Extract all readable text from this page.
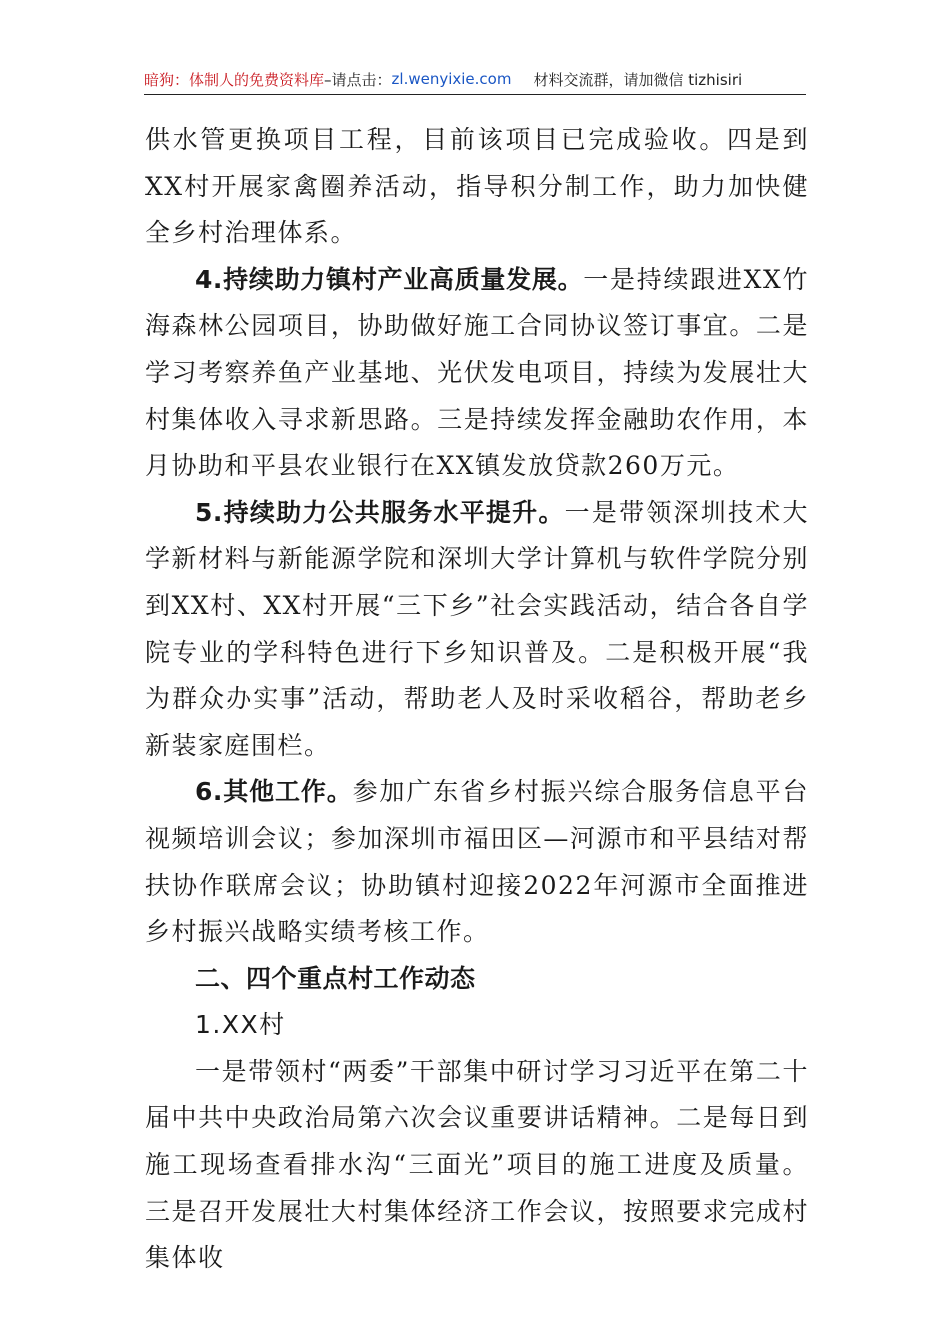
暗狗：体制人的免费资料库 –请点击： zl.wenyixie.com 材料交流群，请加微信 tizhisiri

供水管更换项目工程，目前该项目已完成验收。四是到XX村开展家禽圈养活动，指导积分制工作，助力加快健全乡村治理体系。

4.持续助力镇村产业高质量发展。一是持续跟进XX竹海森林公园项目，协助做好施工合同协议签订事宜。二是学习考察养鱼产业基地、光伏发电项目，持续为发展壮大村集体收入寻求新思路。三是持续发挥金融助农作用，本月协助和平县农业银行在XX镇发放贷款260万元。

5.持续助力公共服务水平提升。一是带领深圳技术大学新材料与新能源学院和深圳大学计算机与软件学院分别到XX村、XX村开展“三下乡”社会实践活动，结合各自学院专业的学科特色进行下乡知识普及。二是积极开展“我为群众办实事”活动，帮助老人及时采收稻谷，帮助老乡新装家庭围栏。

6.其他工作。参加广东省乡村振兴综合服务信息平台视频培训会议；参加深圳市福田区—河源市和平县结对帮扶协作联席会议；协助镇村迎接2022年河源市全面推进乡村振兴战略实绩考核工作。

二、四个重点村工作动态

1.XX村

一是带领村“两委”干部集中研讨学习习近平在第二十届中共中央政治局第六次会议重要讲话精神。二是每日到施工现场查看排水沟“三面光”项目的施工进度及质量。三是召开发展壮大村集体经济工作会议，按照要求完成村集体收
